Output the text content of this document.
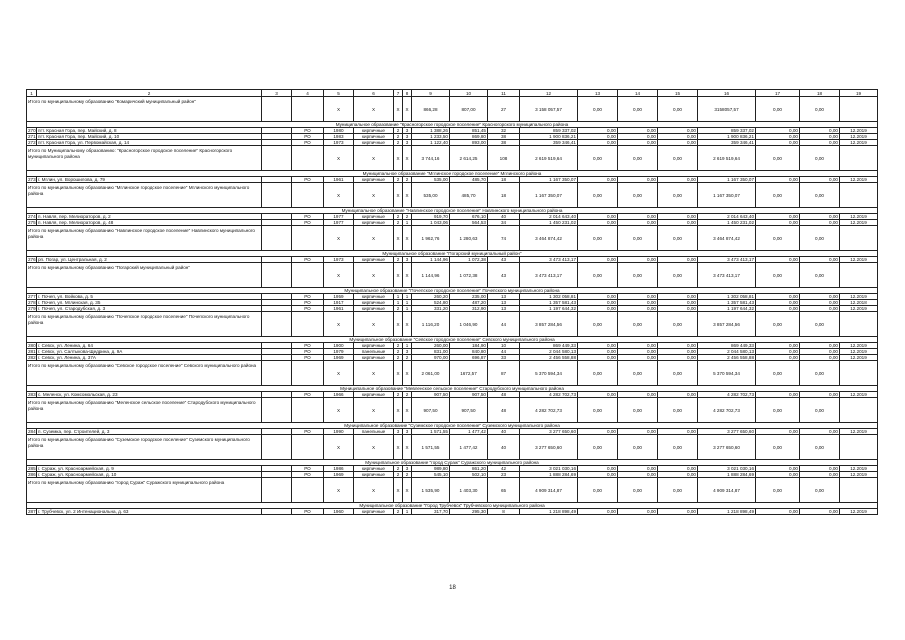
1	2	3	4	5	6	7	8	9	10	11	12	13	14	15	16	17	18	19
Итого по муниципальному образованию "Комаричский муниципальный район"				Х	Х	Х	Х	866,28	807,00	27	3 158 057,57	0,00	0,00	0,00	3158057,57	0,00	0,00	
Муниципальное образование "Красногорское городское поселение" Красногорского муниципального района																		
270	пгт. Красная Гора, пер. Майский, д. 8		РО	1980	кирпичные	2	3	1 388,26	851,45	32	859 337,02	0,00	0,00	0,00	859 337,02	0,00	0,00	12.2019
271	пгт. Красная Гора, пер. Майский, д. 10		РО	1983	кирпичные	2	3	1 233,50	869,80	38	1 900 836,21	0,00	0,00	0,00	1 900 836,21	0,00	0,00	12.2019
272	пгт. Красная Гора, ул. Первомайская, д. 14		РО	1973	кирпичные	2	3	1 122,40	893,00	38	359 346,41	0,00	0,00	0,00	359 346,41	0,00	0,00	12.2019
Итого по Муниципальному образованию: "Красногорское городское поселение" Красногорского муниципального района				Х	Х	Х	Х	3 744,16	2 614,25	108	2 619 519,64	0,00	0,00	0,00	2 619 519,64	0,00	0,00	
Муниципальное образование "Мглинское городское поселение" Мглинского района																		
273	г. Мглин, ул. Ворошилова, д. 79		РО	1961	кирпичные	2	2	535,00	485,70	18	1 167 350,07	0,00	0,00	0,00	1 167 350,07	0,00	0,00	12.2019
Итого по муниципальному образованию "Мглинское городское поселение" Мглинского муниципального района				Х	Х	Х	Х	535,00	485,70	18	1 167 350,07	0,00	0,00	0,00	1 167 350,07	0,00	0,00	
Муниципальное образование "Навлинское городское поселение" Навлинского муниципального района																		
274	п. Навля, пер. Мелиораторов, д. 2		РО	1977	кирпичные	2	2	919,70	676,10	40	2 014 643,40	0,00	0,00	0,00	2 014 643,40	0,00	0,00	12.2019
275	п. Навля, пер. Мелиораторов, д. 48		РО	1977	кирпичные	2	1	1 043,06	564,53	34	1 450 231,02	0,00	0,00	0,00	1 450 231,02	0,00	0,00	12.2019
Итого по муниципальному образованию "Навлинское городское поселение" Навлинского муниципального района				Х	Х	Х	Х	1 962,76	1 280,63	74	3 464 874,42	0,00	0,00	0,00	3 464 874,42	0,00	0,00	
Муниципальное образование "Погарский муниципальный район"																		
276	рп. Погар, ул. Центральная, д. 2		РО	1973	кирпичные	2	3	1 144,96	1 072,38	43	3 473 413,17	0,00	0,00	0,00	3 473 413,17	0,00	0,00	12.2019
Итого по муниципальному образованию "Погарский муниципальный район"				Х	Х	Х	Х	1 144,96	1 072,38	43	3 473 413,17	0,00	0,00	0,00	3 473 413,17	0,00	0,00	
Муниципальное образование "Почепское городское поселение" Почепского муниципального района																		
277	г. Почеп, ул. Войкова, д. 5		РО	1959	кирпичные	1	1	260,20	235,00	13	1 302 058,81	0,00	0,00	0,00	1 302 058,81	0,00	0,00	12.2019
278	г. Почеп, ул. Мглинская, д. 35		РО	1917	кирпичные	1	1	524,80	487,20	13	1 357 581,43	0,00	0,00	0,00	1 357 581,43	0,00	0,00	12.2018
279	г. Почеп, ул. Стародубская, д. 3		РО	1961	кирпичные	2	1	331,20	312,90	13	1 197 644,32	0,00	0,00	0,00	1 197 644,32	0,00	0,00	12.2019
Итого по муниципальному образованию "Почепское городское поселение" Почепского муниципального района				Х	Х	Х	Х	1 116,20	1 046,90	44	3 857 284,56	0,00	0,00	0,00	3 857 284,56	0,00	0,00	
Муниципальное образование "Севское городское поселение" Севского муниципального района																		
280	г. Севск, ул. Ленина, д. 64		РО	1900	кирпичные	2	1	260,00	184,90	10	869 449,33	0,00	0,00	0,00	869 449,33	0,00	0,00	12.2019
281	г. Севск, ул. Салтыкова-Щедрина, д. 9А		РО	1979	панельные	2	3	831,00	840,80	44	2 044 580,13	0,00	0,00	0,00	2 044 580,13	0,00	0,00	12.2019
282	г. Севск, ул. Ленина, д. 37А		РО	1969	кирпичные	2	2	970,00	696,87	33	2 456 558,88	0,00	0,00	0,00	2 456 558,88	0,00	0,00	12.2019
Итого по муниципальному образованию "Севское городское поселение" Севского муниципального района				Х	Х	Х	Х	2 061,00	1672,57	87	5 370 594,34	0,00	0,00	0,00	5 370 594,34	0,00	0,00	
Муниципальное образование "Мевленское сельское поселение" Стародубского муниципального района																		
283	с. Меленск, ул. Комсомольская, д. 23		РО	1966	кирпичные	2	2	907,50	907,50	48	4 282 702,73	0,00	0,00	0,00	4 282 702,73	0,00	0,00	12.2019
Итого по муниципальному образованию "Меленское сельское поселение" Стародубского муниципального района				Х	Х	Х	Х	907,50	907,50	48	4 282 702,73	0,00	0,00	0,00	4 282 702,73	0,00	0,00	
Муниципальное образование "Суземское городское поселение" Суземского муниципального района																		
284	п. Суземка, пер. Строителей, д. 3		РО	1990	панельные	3	3	1 571,55	1 477,42	40	3 277 650,60	0,00	0,00	0,00	3 277 650,60	0,00	0,00	12.2019
Итого по муниципальному образованию "Суземское городское поселение" Суземского муниципального района				Х	Х	Х	Х	1 571,55	1 477,42	40	3 277 650,60	0,00	0,00	0,00	3 277 650,60	0,00	0,00	
Муниципальное образование "город Сураж" Суражского муниципального района																		
285	г. Сураж, ул. Красноармейская, д. 9		РО	1986	кирпичные	2	3	989,80	861,20	42	3 021 030,16	0,00	0,00	0,00	3 021 030,16	0,00	0,00	12.2019
286	г. Сураж, ул. Красноармейская, д. 10		РО	1969	кирпичные	2	2	545,10	502,10	23	1 888 284,69	0,00	0,00	0,00	1 888 284,69	0,00	0,00	12.2019
Итого по муниципальному образованию "город Сураж" Суражского муниципального района				Х	Х	Х	Х	1 535,90	1 403,30	65	4 909 314,87	0,00	0,00	0,00	4 909 314,87	0,00	0,00	
Муниципальное образование "Город Трубчевск" Трубчевского муниципального района																		
287	г. Трубчевск, ул. 2 Интенациональна, д. 63		РО	1960	кирпичные	2	1	317,70	295,30	8	1 218 898,49	0,00	0,00	0,00	1 218 898,49	0,00	0,00	12.2019
18
